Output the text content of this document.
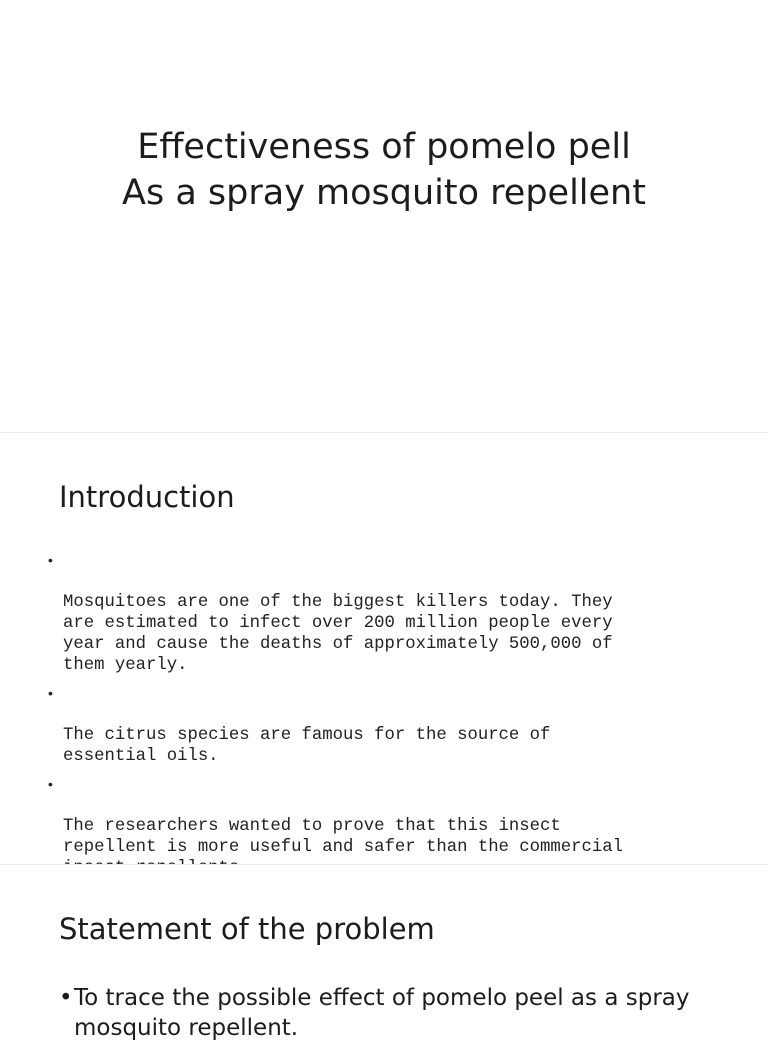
Effectiveness of pomelo pell
As a spray mosquito repellent
Introduction

•

Mosquitoes are one of the biggest killers today. They
are estimated to infect over 200 million people every
year and cause the deaths of approximately 500,000 of
them yearly.

•

The citrus species are famous for the source of
essential oils.

•

The researchers wanted to prove that this insect
repellent is more useful and safer than the commercial

Statement of the problem
• To trace the possible effect of pomelo peel as a spray mosquito repellent.
